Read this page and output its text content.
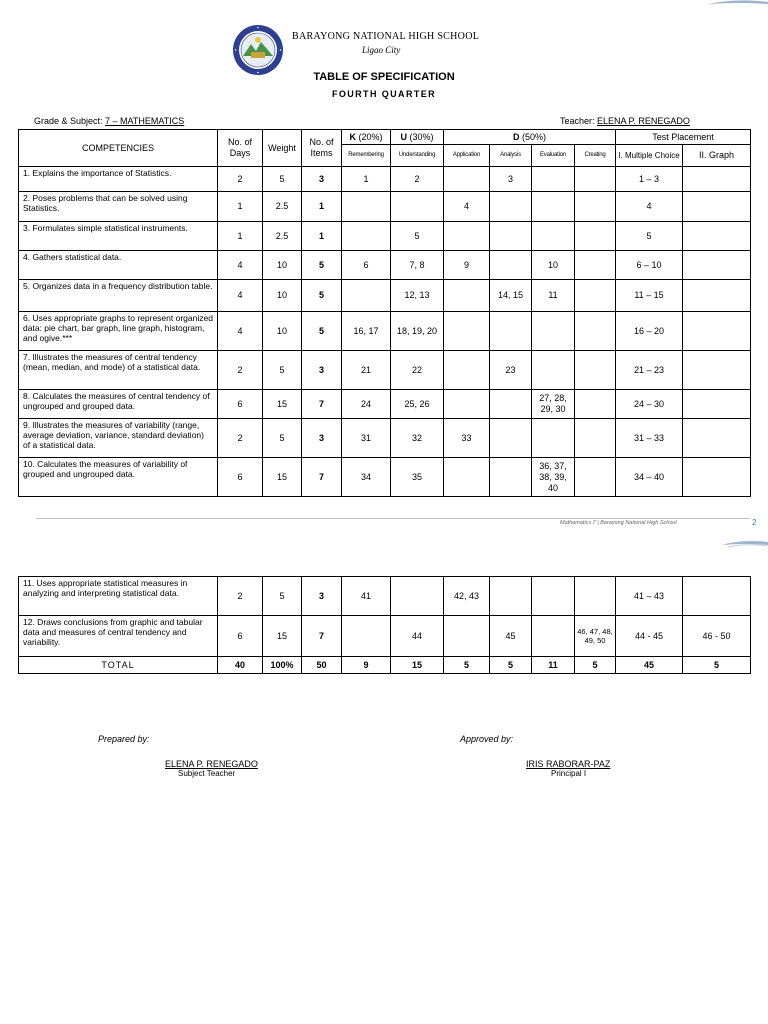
BARAYONG NATIONAL HIGH SCHOOL
Ligao City
TABLE OF SPECIFICATION
FOURTH QUARTER
Grade & Subject: 7 – MATHEMATICS	Teacher: ELENA P. RENEGADO
COMPETENCIES	No. of Days	Weight	No. of Items	K (20%)	U (30%)	D (50%)				Test Placement	
				Remembering	Understanding	Application	Analysis	Evaluation	Creating	I. Multiple Choice	II. Graph
1. Explains the importance of Statistics.	2	5	3	1	2		3			1 – 3	
2. Poses problems that can be solved using Statistics.	1	2.5	1			4				4	
3. Formulates simple statistical instruments.	1	2.5	1		5					5	
4. Gathers statistical data.	4	10	5	6	7, 8	9		10		6 – 10	
5. Organizes data in a frequency distribution table.	4	10	5		12, 13		14, 15	11		11 – 15	
6. Uses appropriate graphs to represent organized data: pie chart, bar graph, line graph, histogram, and ogive.***	4	10	5	16, 17	18, 19, 20					16 – 20	
7. Illustrates the measures of central tendency (mean, median, and mode) of a statistical data.	2	5	3	21	22		23			21 – 23	
8. Calculates the measures of central tendency of ungrouped and grouped data.	6	15	7	24	25, 26			27, 28, 29, 30		24 – 30	
9. Illustrates the measures of variability (range, average deviation, variance, standard deviation) of a statistical data.	2	5	3	31	32	33				31 – 33	
10. Calculates the measures of variability of grouped and ungrouped data.	6	15	7	34	35			36, 37, 38, 39, 40		34 – 40	
Mathematics 7 | Barayong National High School	2
11. Uses appropriate statistical measures in analyzing and interpreting statistical data.	2	5	3	41		42, 43				41 – 43	
12. Draws conclusions from graphic and tabular data and measures of central tendency and variability.	6	15	7		44		45		46, 47, 48, 49, 50	44 - 45	46 - 50
TOTAL	40	100%	50	9	15	5	5	11	5	45	5
Prepared by:	Approved by:
ELENA P. RENEGADO
Subject Teacher
IRIS RABORAR-PAZ
Principal I
